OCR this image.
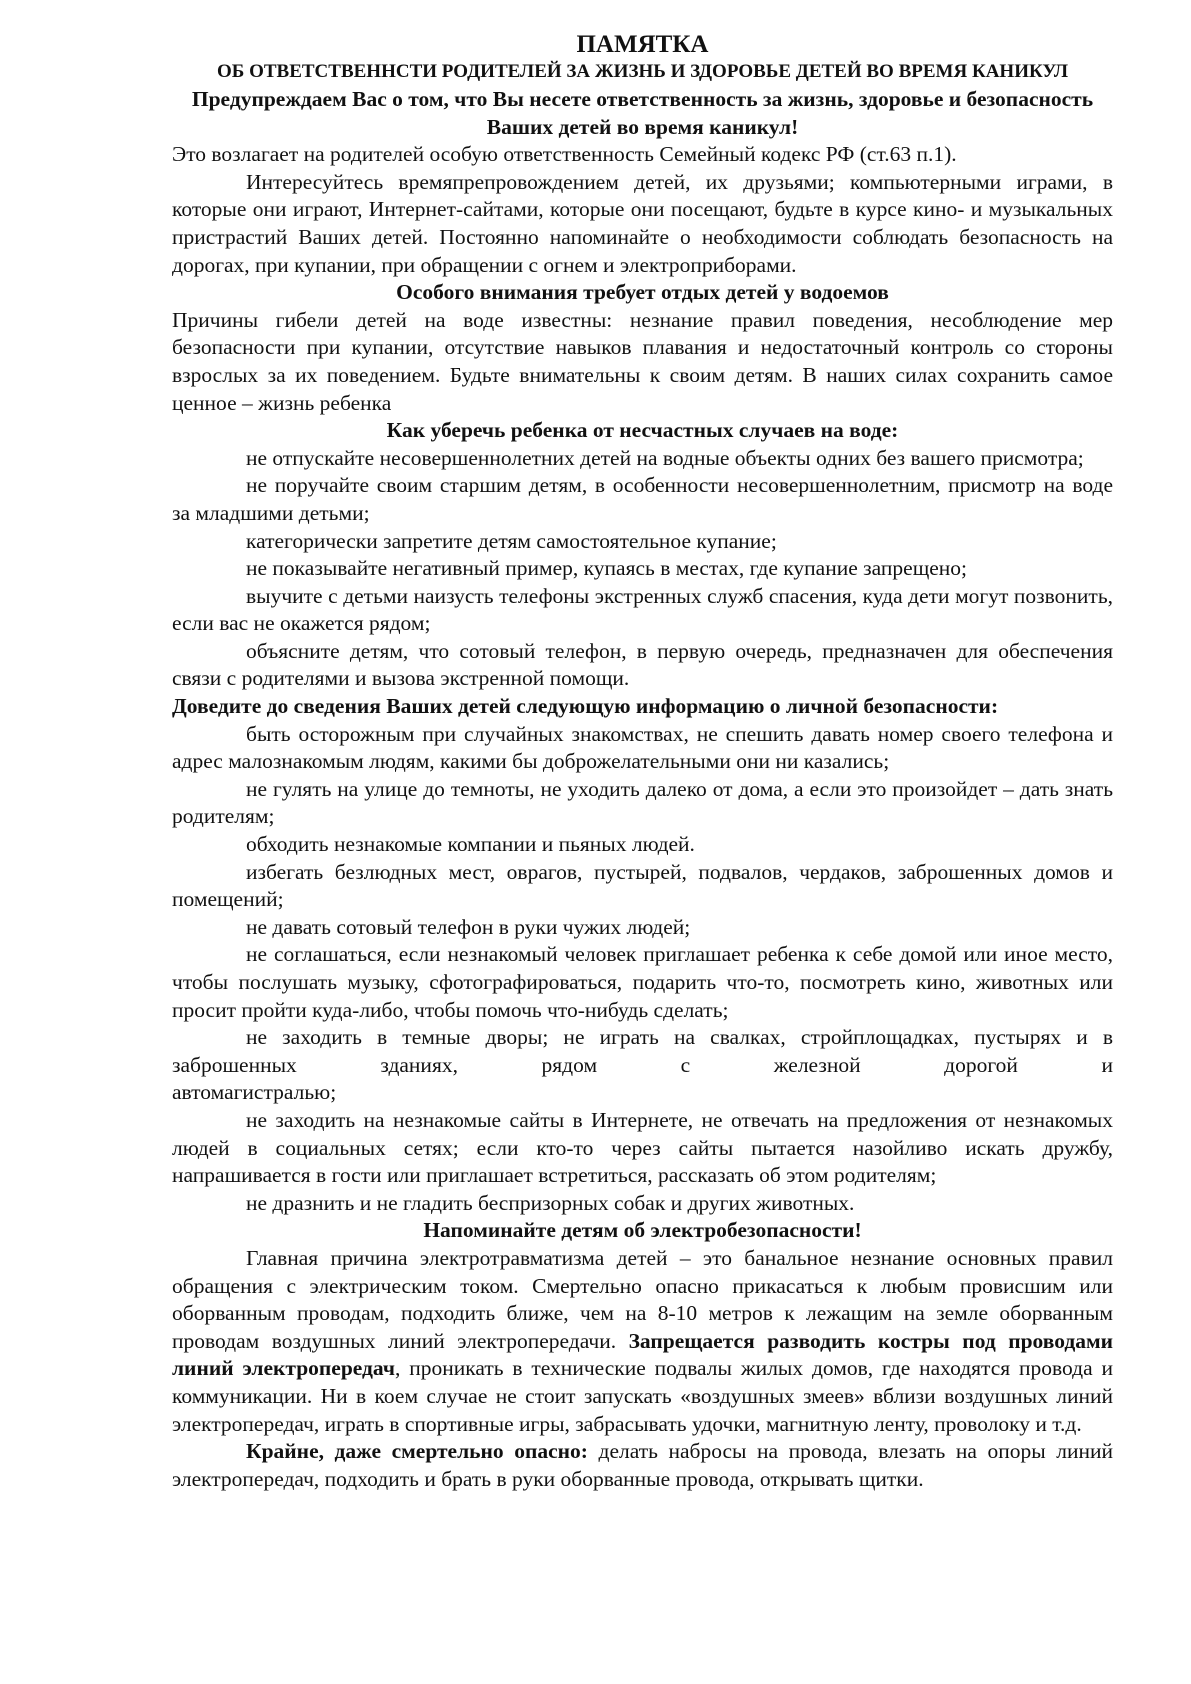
ПАМЯТКА

ОБ ОТВЕТСТВЕННСТИ РОДИТЕЛЕЙ ЗА ЖИЗНЬ И ЗДОРОВЬЕ ДЕТЕЙ ВО ВРЕМЯ КАНИКУЛ

Предупреждаем Вас о том, что Вы несете ответственность за жизнь, здоровье и безопасность Ваших детей во время каникул!

Это возлагает на родителей особую ответственность Семейный кодекс РФ (ст.63 п.1).

Интересуйтесь времяпрепровождением детей, их друзьями; компьютерными играми, в которые они играют, Интернет-сайтами, которые они посещают, будьте в курсе кино- и музыкальных пристрастий Ваших детей. Постоянно напоминайте о необходимости соблюдать безопасность на дорогах, при купании, при обращении с огнем и электроприборами.

Особого внимания требует отдых детей у водоемов

Причины гибели детей на воде известны: незнание правил поведения, несоблюдение мер безопасности при купании, отсутствие навыков плавания и недостаточный контроль со стороны взрослых за их поведением. Будьте внимательны к своим детям. В наших силах сохранить самое ценное – жизнь ребенка

Как уберечь ребенка от несчастных случаев на воде:

не отпускайте несовершеннолетних детей на водные объекты одних без вашего присмотра;

не поручайте своим старшим детям, в особенности несовершеннолетним, присмотр на воде за младшими детьми;

категорически запретите детям самостоятельное купание;

не показывайте негативный пример, купаясь в местах, где купание запрещено;

выучите с детьми наизусть телефоны экстренных служб спасения, куда дети могут позвонить, если вас не окажется рядом;

объясните детям, что сотовый телефон, в первую очередь, предназначен для обеспечения связи с родителями и вызова экстренной помощи.

Доведите до сведения Ваших детей следующую информацию о личной безопасности:

быть осторожным при случайных знакомствах, не спешить давать номер своего телефона и адрес малознакомым людям, какими бы доброжелательными они ни казались;

не гулять на улице до темноты, не уходить далеко от дома, а если это произойдет – дать знать родителям;

обходить незнакомые компании и пьяных людей.

избегать безлюдных мест, оврагов, пустырей, подвалов, чердаков, заброшенных домов и помещений;

не давать сотовый телефон в руки чужих людей;

не соглашаться, если незнакомый человек приглашает ребенка к себе домой или иное место, чтобы послушать музыку, сфотографироваться, подарить что-то, посмотреть кино, животных или просит пройти куда-либо, чтобы помочь что-нибудь сделать;

не заходить в темные дворы; не играть на свалках, стройплощадках, пустырях и в заброшенных зданиях, рядом с железной дорогой	и

автомагистралью;

не заходить на незнакомые сайты в Интернете, не отвечать на предложения от незнакомых людей в социальных сетях; если кто-то через сайты пытается назойливо искать дружбу, напрашивается в гости или приглашает встретиться, рассказать об этом родителям;

не дразнить и не гладить беспризорных собак и других животных.

Напоминайте детям об электробезопасности!

Главная причина электротравматизма детей – это банальное незнание основных правил обращения с электрическим током. Смертельно опасно прикасаться к любым провисшим или оборванным проводам, подходить ближе, чем на 8-10 метров к лежащим на земле оборванным проводам воздушных линий электропередачи. Запрещается разводить костры под проводами линий электропередач, проникать в технические подвалы жилых домов, где находятся провода и коммуникации. Ни в коем случае не стоит запускать «воздушных змеев» вблизи воздушных линий электропередач, играть в спортивные игры, забрасывать удочки, магнитную ленту, проволоку и т.д.

Крайне, даже смертельно опасно: делать набросы на провода, влезать на опоры линий электропередач, подходить и брать в руки оборванные провода, открывать щитки.
